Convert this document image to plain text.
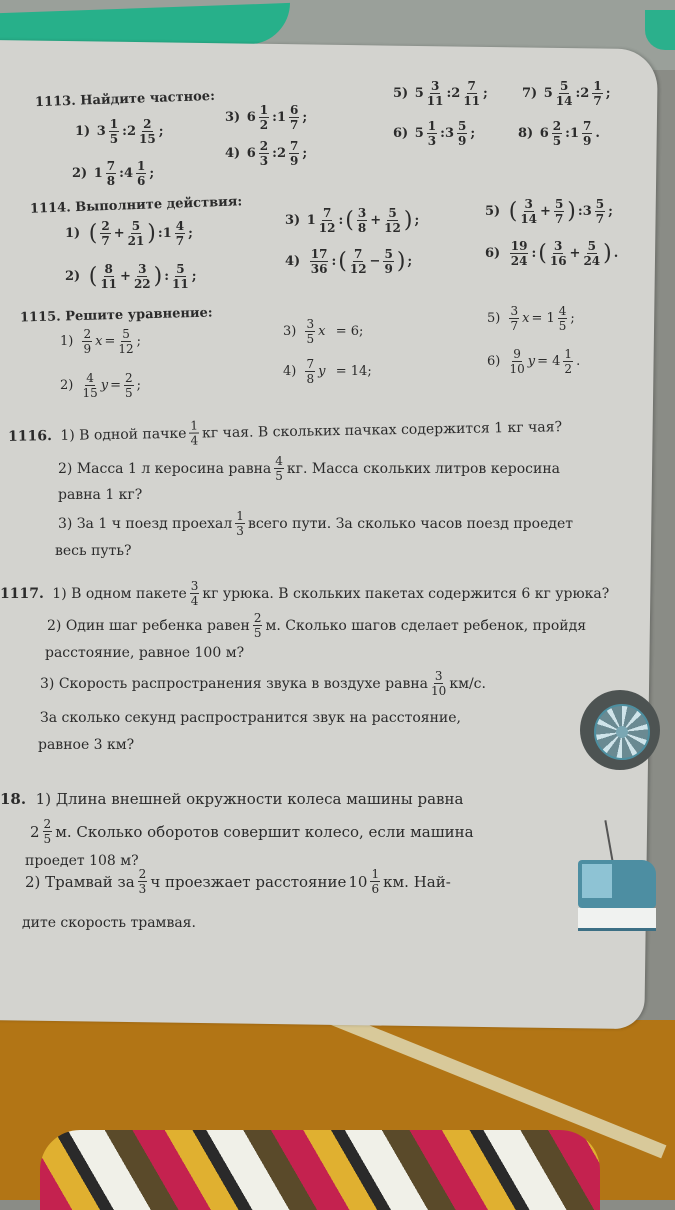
1113. Найдите частное:
1) 3 1
5 :2 2
15 ;
2) 1 7
8 :4 1
6 ;
3) 6 1
2 :1 6
7 ;
4) 6 2
3 :2 7
9 ;
5) 5 3
11 :2 7
11 ;
6) 5 1
3 :3 5
9 ;
7) 5 5
14 :2 1
7 ;
8) 6 2
5 :1 7
9 .
1114. Выполните действия:
1)
( 2
7 + 5
21 ) :1 4
7 ;
2)
( 8
11 + 3
22 ) : 5
11 ;
3) 1 7
12 : ( 3
8 + 5
12 ) ;
4)
17
36 : ( 7
12 − 5
9 ) ;
5)
( 3
14 + 5
7 ) :3 5
7 ;
6)
19
24 : ( 3
16 + 5
24 ) .
1115. Решите уравнение:
1)
2
9 x = 5
12 ;
2)
4
15 y = 2
5 ;
3)
3
5 x = 6;
4)
7
8 y = 14;
5)
3
7 x = 1 4
5 ;
6)
9
10 y = 4 1
2 .
1116.
1) В одной пачке 1
4 кг чая. В скольких пачках содержится 1 кг чая?
2) Масса 1 л керосина равна 4
5 кг. Масса скольких литров керосина
равна 1 кг?
3) За 1 ч поезд проехал 1
3 всего пути. За сколько часов поезд проедет
весь путь?
1117.
1) В одном пакете 3
4 кг урюка. В скольких пакетах содержится 6 кг урюка?
2) Один шаг ребенка равен 2
5 м. Сколько шагов сделает ребенок, пройдя
расстояние, равное 100 м?
3) Скорость распространения звука в воздухе равна 3
10 км/с.
За сколько секунд распространится звук на расстояние,
равное 3 км?
18. 1) Длина внешней окружности колеса машины равна
2 2
5 м. Сколько оборотов совершит колесо, если машина
проедет 108 м?
2) Трамвай за 2
3 ч проезжает расстояние 10 1
6 км. Най-
дите скорость трамвая.
